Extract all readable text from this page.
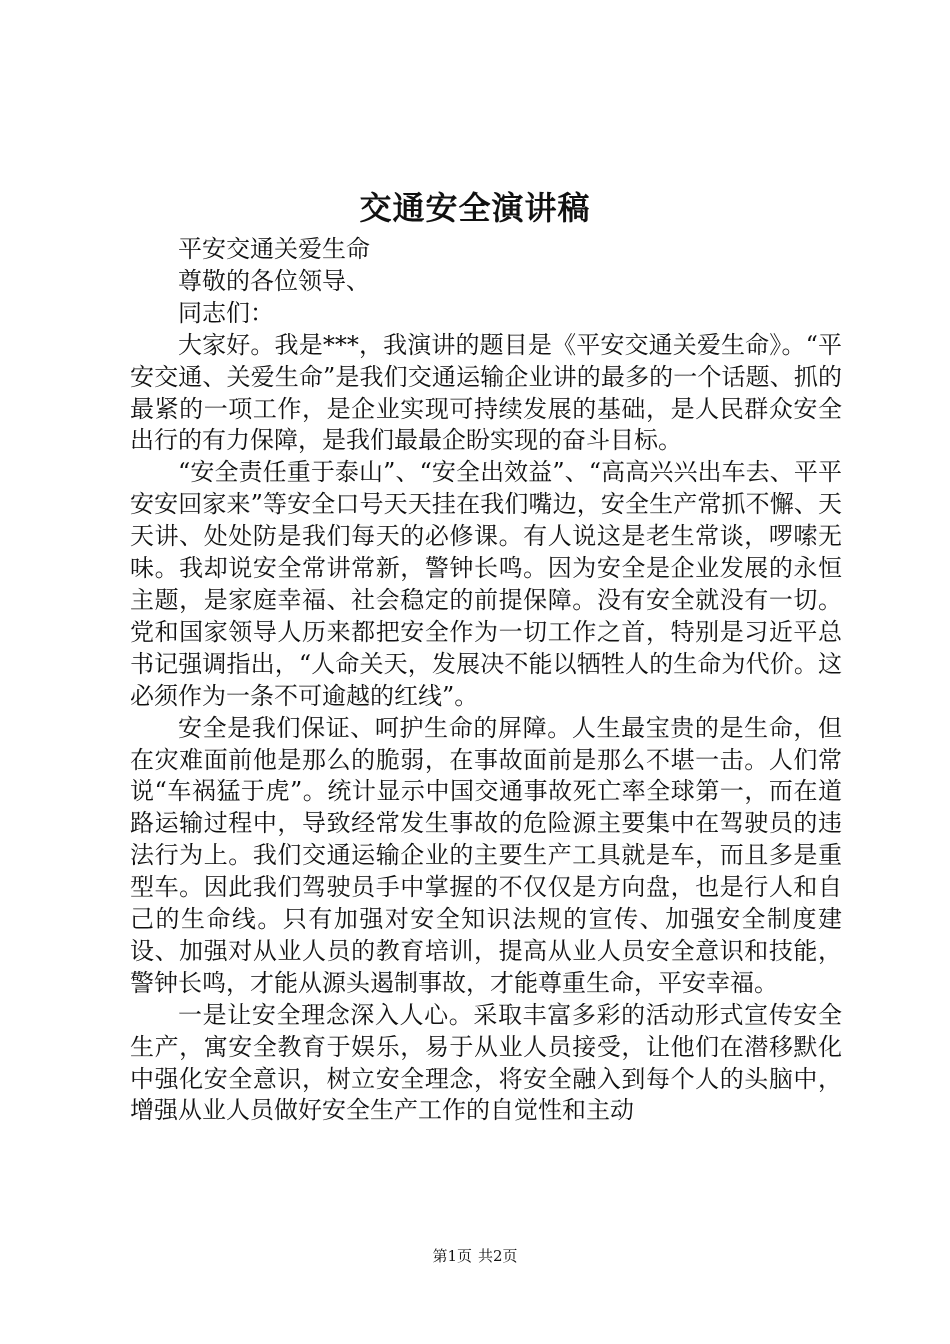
交通安全演讲稿

平安交通关爱生命

尊敬的各位领导、

同志们：

大家好。我是***，我演讲的题目是《平安交通关爱生命》。“平安交通、关爱生命”是我们交通运输企业讲的最多的一个话题、抓的最紧的一项工作，是企业实现可持续发展的基础，是人民群众安全出行的有力保障，是我们最最企盼实现的奋斗目标。

“安全责任重于泰山”、“安全出效益”、“高高兴兴出车去、平平安安回家来”等安全口号天天挂在我们嘴边，安全生产常抓不懈、天天讲、处处防是我们每天的必修课。有人说这是老生常谈，啰嗦无味。我却说安全常讲常新，警钟长鸣。因为安全是企业发展的永恒主题，是家庭幸福、社会稳定的前提保障。没有安全就没有一切。党和国家领导人历来都把安全作为一切工作之首，特别是习近平总书记强调指出，“人命关天，发展决不能以牺牲人的生命为代价。这必须作为一条不可逾越的红线”。

安全是我们保证、呵护生命的屏障。人生最宝贵的是生命，但在灾难面前他是那么的脆弱，在事故面前是那么不堪一击。人们常说“车祸猛于虎”。统计显示中国交通事故死亡率全球第一，而在道路运输过程中，导致经常发生事故的危险源主要集中在驾驶员的违法行为上。我们交通运输企业的主要生产工具就是车，而且多是重型车。因此我们驾驶员手中掌握的不仅仅是方向盘，也是行人和自己的生命线。只有加强对安全知识法规的宣传、加强安全制度建设、加强对从业人员的教育培训，提高从业人员安全意识和技能，警钟长鸣，才能从源头遏制事故，才能尊重生命，平安幸福。

一是让安全理念深入人心。采取丰富多彩的活动形式宣传安全生产，寓安全教育于娱乐，易于从业人员接受，让他们在潜移默化中强化安全意识，树立安全理念，将安全融入到每个人的头脑中，增强从业人员做好安全生产工作的自觉性和主动

第1页 共2页
